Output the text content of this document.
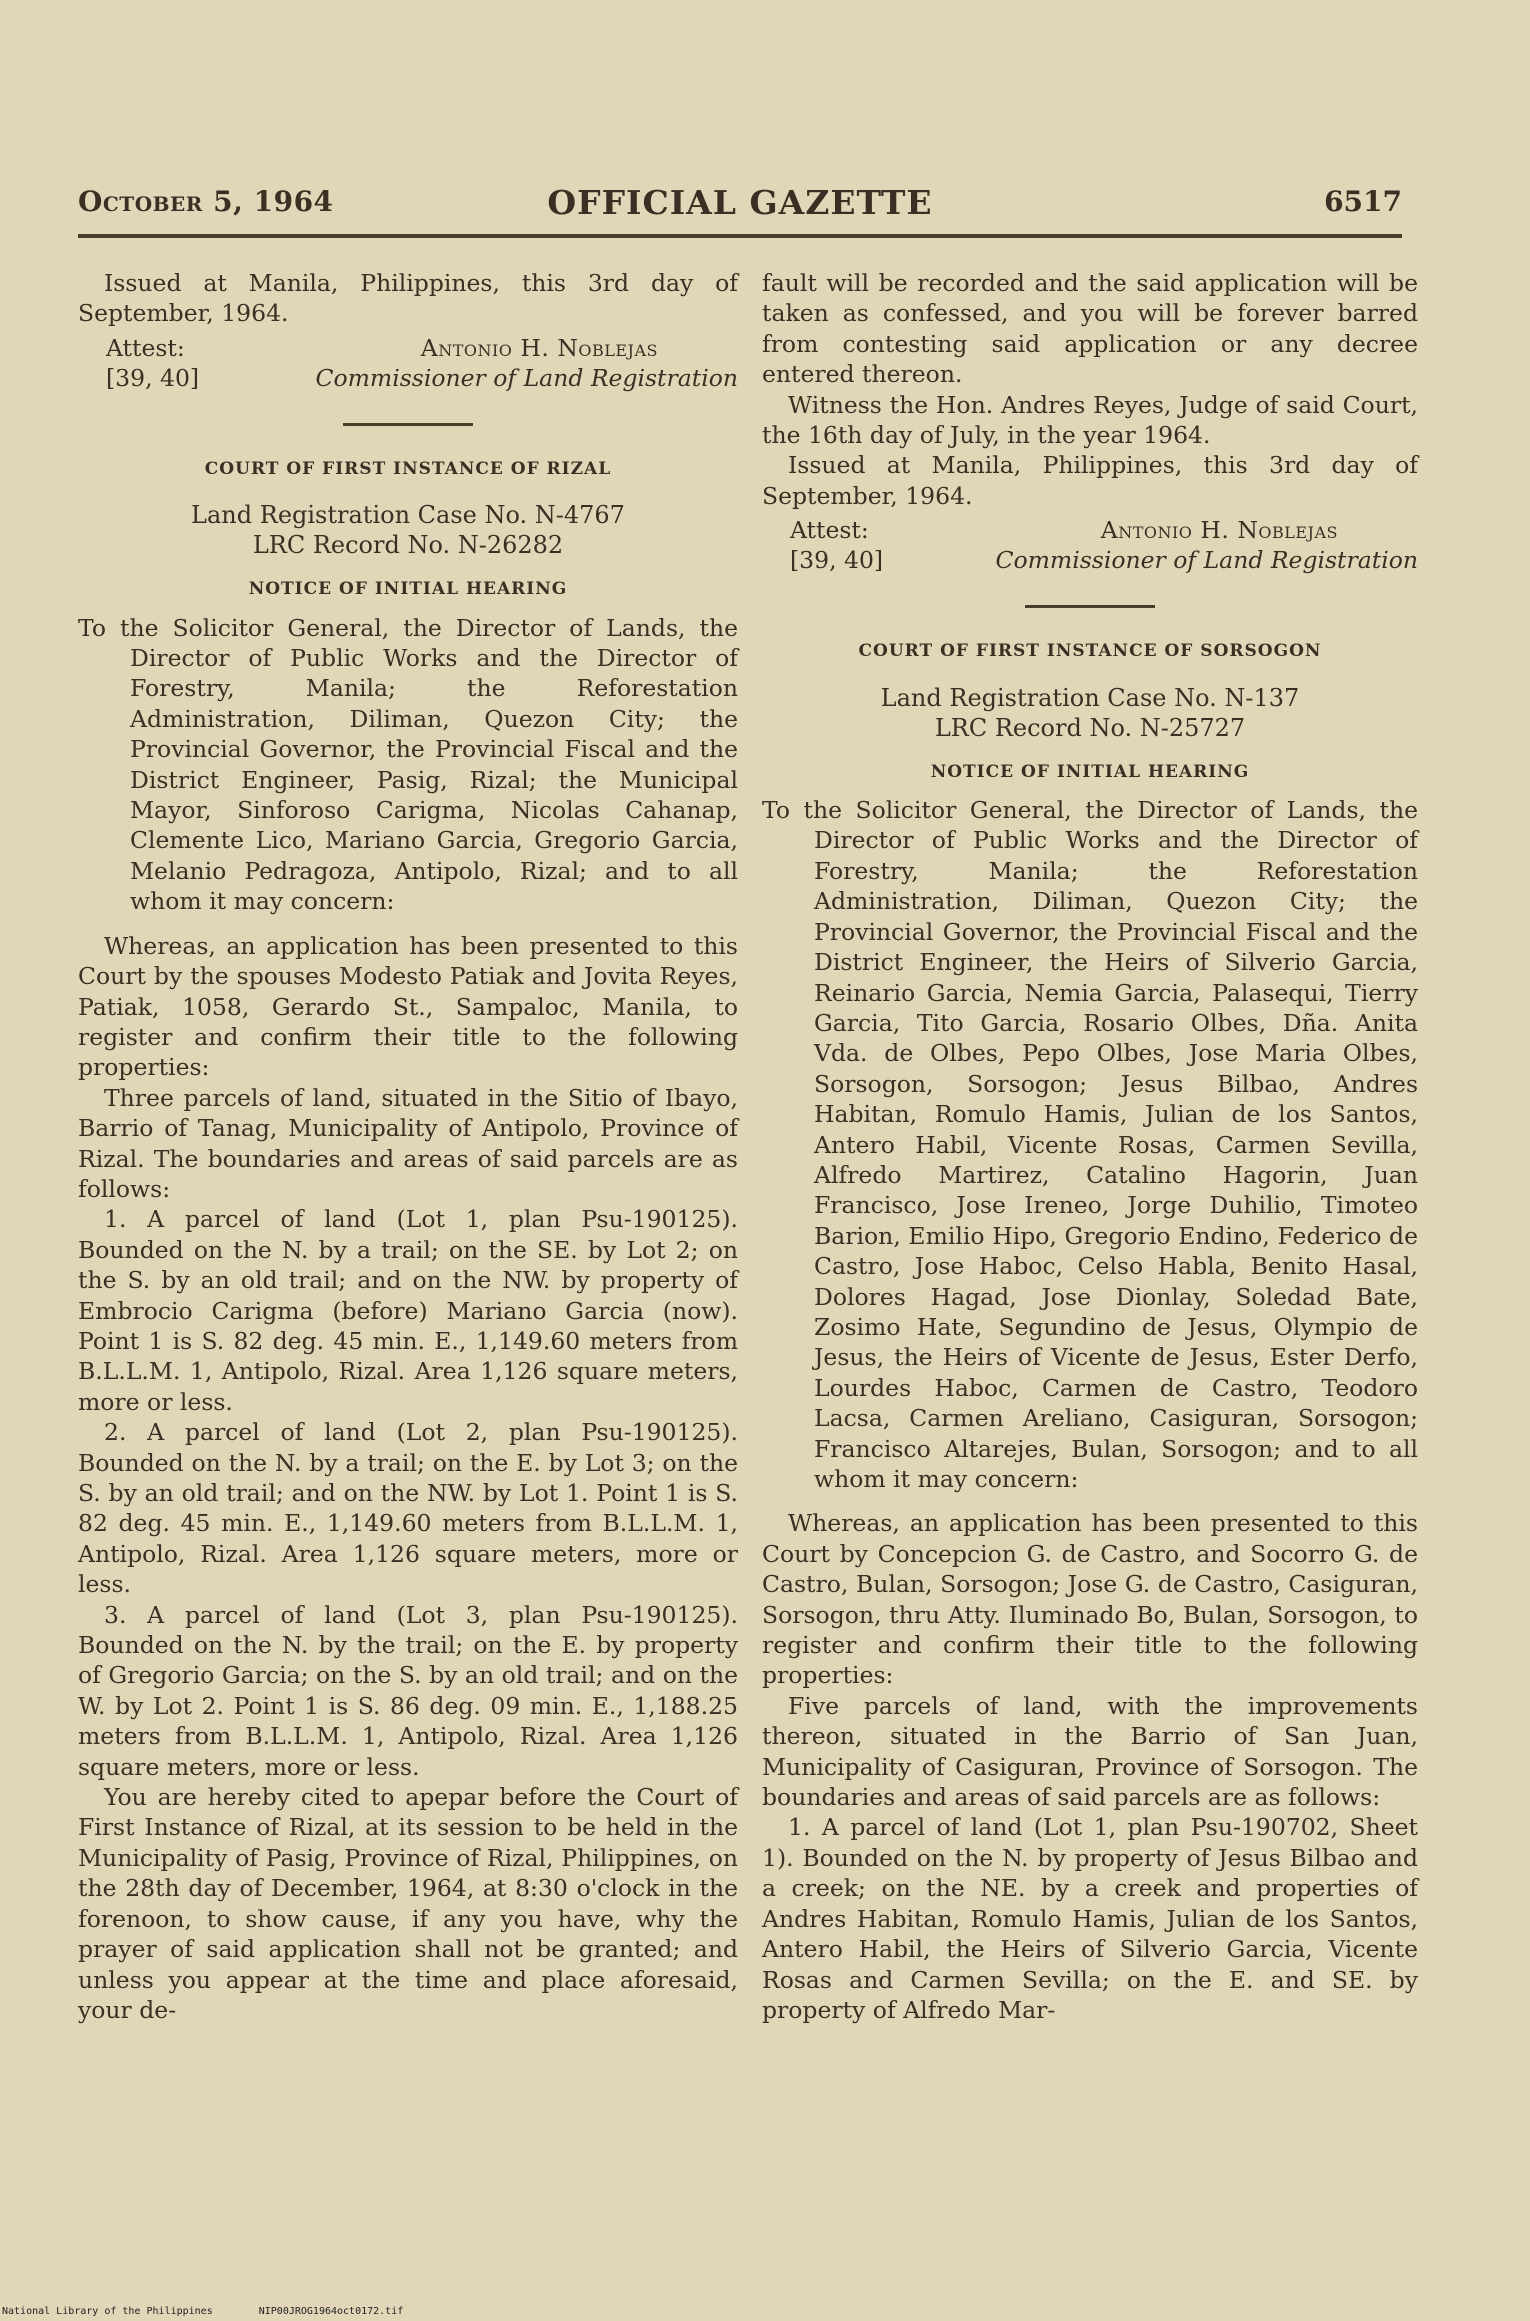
October 5, 1964	OFFICIAL GAZETTE	6517

Issued at Manila, Philippines, this 3rd day of September, 1964.

Attest:
[39, 40]
Antonio H. Noblejas
Commissioner of Land Registration
COURT OF FIRST INSTANCE OF RIZAL
Land Registration Case No. N-4767
LRC Record No. N-26282
NOTICE OF INITIAL HEARING

To the Solicitor General, the Director of Lands, the Director of Public Works and the Director of Forestry, Manila; the Reforestation Administration, Diliman, Quezon City; the Provincial Governor, the Provincial Fiscal and the District Engineer, Pasig, Rizal; the Municipal Mayor, Sinforoso Carigma, Nicolas Cahanap, Clemente Lico, Mariano Garcia, Gregorio Garcia, Melanio Pedragoza, Antipolo, Rizal; and to all whom it may concern:

Whereas, an application has been presented to this Court by the spouses Modesto Patiak and Jovita Reyes, Patiak, 1058, Gerardo St., Sampaloc, Manila, to register and confirm their title to the following properties:

Three parcels of land, situated in the Sitio of Ibayo, Barrio of Tanag, Municipality of Antipolo, Province of Rizal. The boundaries and areas of said parcels are as follows:

1. A parcel of land (Lot 1, plan Psu-190125). Bounded on the N. by a trail; on the SE. by Lot 2; on the S. by an old trail; and on the NW. by property of Embrocio Carigma (before) Mariano Garcia (now). Point 1 is S. 82 deg. 45 min. E., 1,149.60 meters from B.L.L.M. 1, Antipolo, Rizal. Area 1,126 square meters, more or less.

2. A parcel of land (Lot 2, plan Psu-190125). Bounded on the N. by a trail; on the E. by Lot 3; on the S. by an old trail; and on the NW. by Lot 1. Point 1 is S. 82 deg. 45 min. E., 1,149.60 meters from B.L.L.M. 1, Antipolo, Rizal. Area 1,126 square meters, more or less.

3. A parcel of land (Lot 3, plan Psu-190125). Bounded on the N. by the trail; on the E. by property of Gregorio Garcia; on the S. by an old trail; and on the W. by Lot 2. Point 1 is S. 86 deg. 09 min. E., 1,188.25 meters from B.L.L.M. 1, Antipolo, Rizal. Area 1,126 square meters, more or less.

You are hereby cited to apepar before the Court of First Instance of Rizal, at its session to be held in the Municipality of Pasig, Province of Rizal, Philippines, on the 28th day of December, 1964, at 8:30 o'clock in the forenoon, to show cause, if any you have, why the prayer of said application shall not be granted; and unless you appear at the time and place aforesaid, your de-

fault will be recorded and the said application will be taken as confessed, and you will be forever barred from contesting said application or any decree entered thereon.

Witness the Hon. Andres Reyes, Judge of said Court, the 16th day of July, in the year 1964.

Issued at Manila, Philippines, this 3rd day of September, 1964.

Attest:
[39, 40]
Antonio H. Noblejas
Commissioner of Land Registration
COURT OF FIRST INSTANCE OF SORSOGON
Land Registration Case No. N-137
LRC Record No. N-25727
NOTICE OF INITIAL HEARING

To the Solicitor General, the Director of Lands, the Director of Public Works and the Director of Forestry, Manila; the Reforestation Administration, Diliman, Quezon City; the Provincial Governor, the Provincial Fiscal and the District Engineer, the Heirs of Silverio Garcia, Reinario Garcia, Nemia Garcia, Palasequi, Tierry Garcia, Tito Garcia, Rosario Olbes, Dña. Anita Vda. de Olbes, Pepo Olbes, Jose Maria Olbes, Sorsogon, Sorsogon; Jesus Bilbao, Andres Habitan, Romulo Hamis, Julian de los Santos, Antero Habil, Vicente Rosas, Carmen Sevilla, Alfredo Martirez, Catalino Hagorin, Juan Francisco, Jose Ireneo, Jorge Duhilio, Timoteo Barion, Emilio Hipo, Gregorio Endino, Federico de Castro, Jose Haboc, Celso Habla, Benito Hasal, Dolores Hagad, Jose Dionlay, Soledad Bate, Zosimo Hate, Segundino de Jesus, Olympio de Jesus, the Heirs of Vicente de Jesus, Ester Derfo, Lourdes Haboc, Carmen de Castro, Teodoro Lacsa, Carmen Areliano, Casiguran, Sorsogon; Francisco Altarejes, Bulan, Sorsogon; and to all whom it may concern:

Whereas, an application has been presented to this Court by Concepcion G. de Castro, and Socorro G. de Castro, Bulan, Sorsogon; Jose G. de Castro, Casiguran, Sorsogon, thru Atty. Iluminado Bo, Bulan, Sorsogon, to register and confirm their title to the following properties:

Five parcels of land, with the improvements thereon, situated in the Barrio of San Juan, Municipality of Casiguran, Province of Sorsogon. The boundaries and areas of said parcels are as follows:

1. A parcel of land (Lot 1, plan Psu-190702, Sheet 1). Bounded on the N. by property of Jesus Bilbao and a creek; on the NE. by a creek and properties of Andres Habitan, Romulo Hamis, Julian de los Santos, Antero Habil, the Heirs of Silverio Garcia, Vicente Rosas and Carmen Sevilla; on the E. and SE. by property of Alfredo Mar-

National Library of the Philippines	NIP00JROG1964oct0172.tif
